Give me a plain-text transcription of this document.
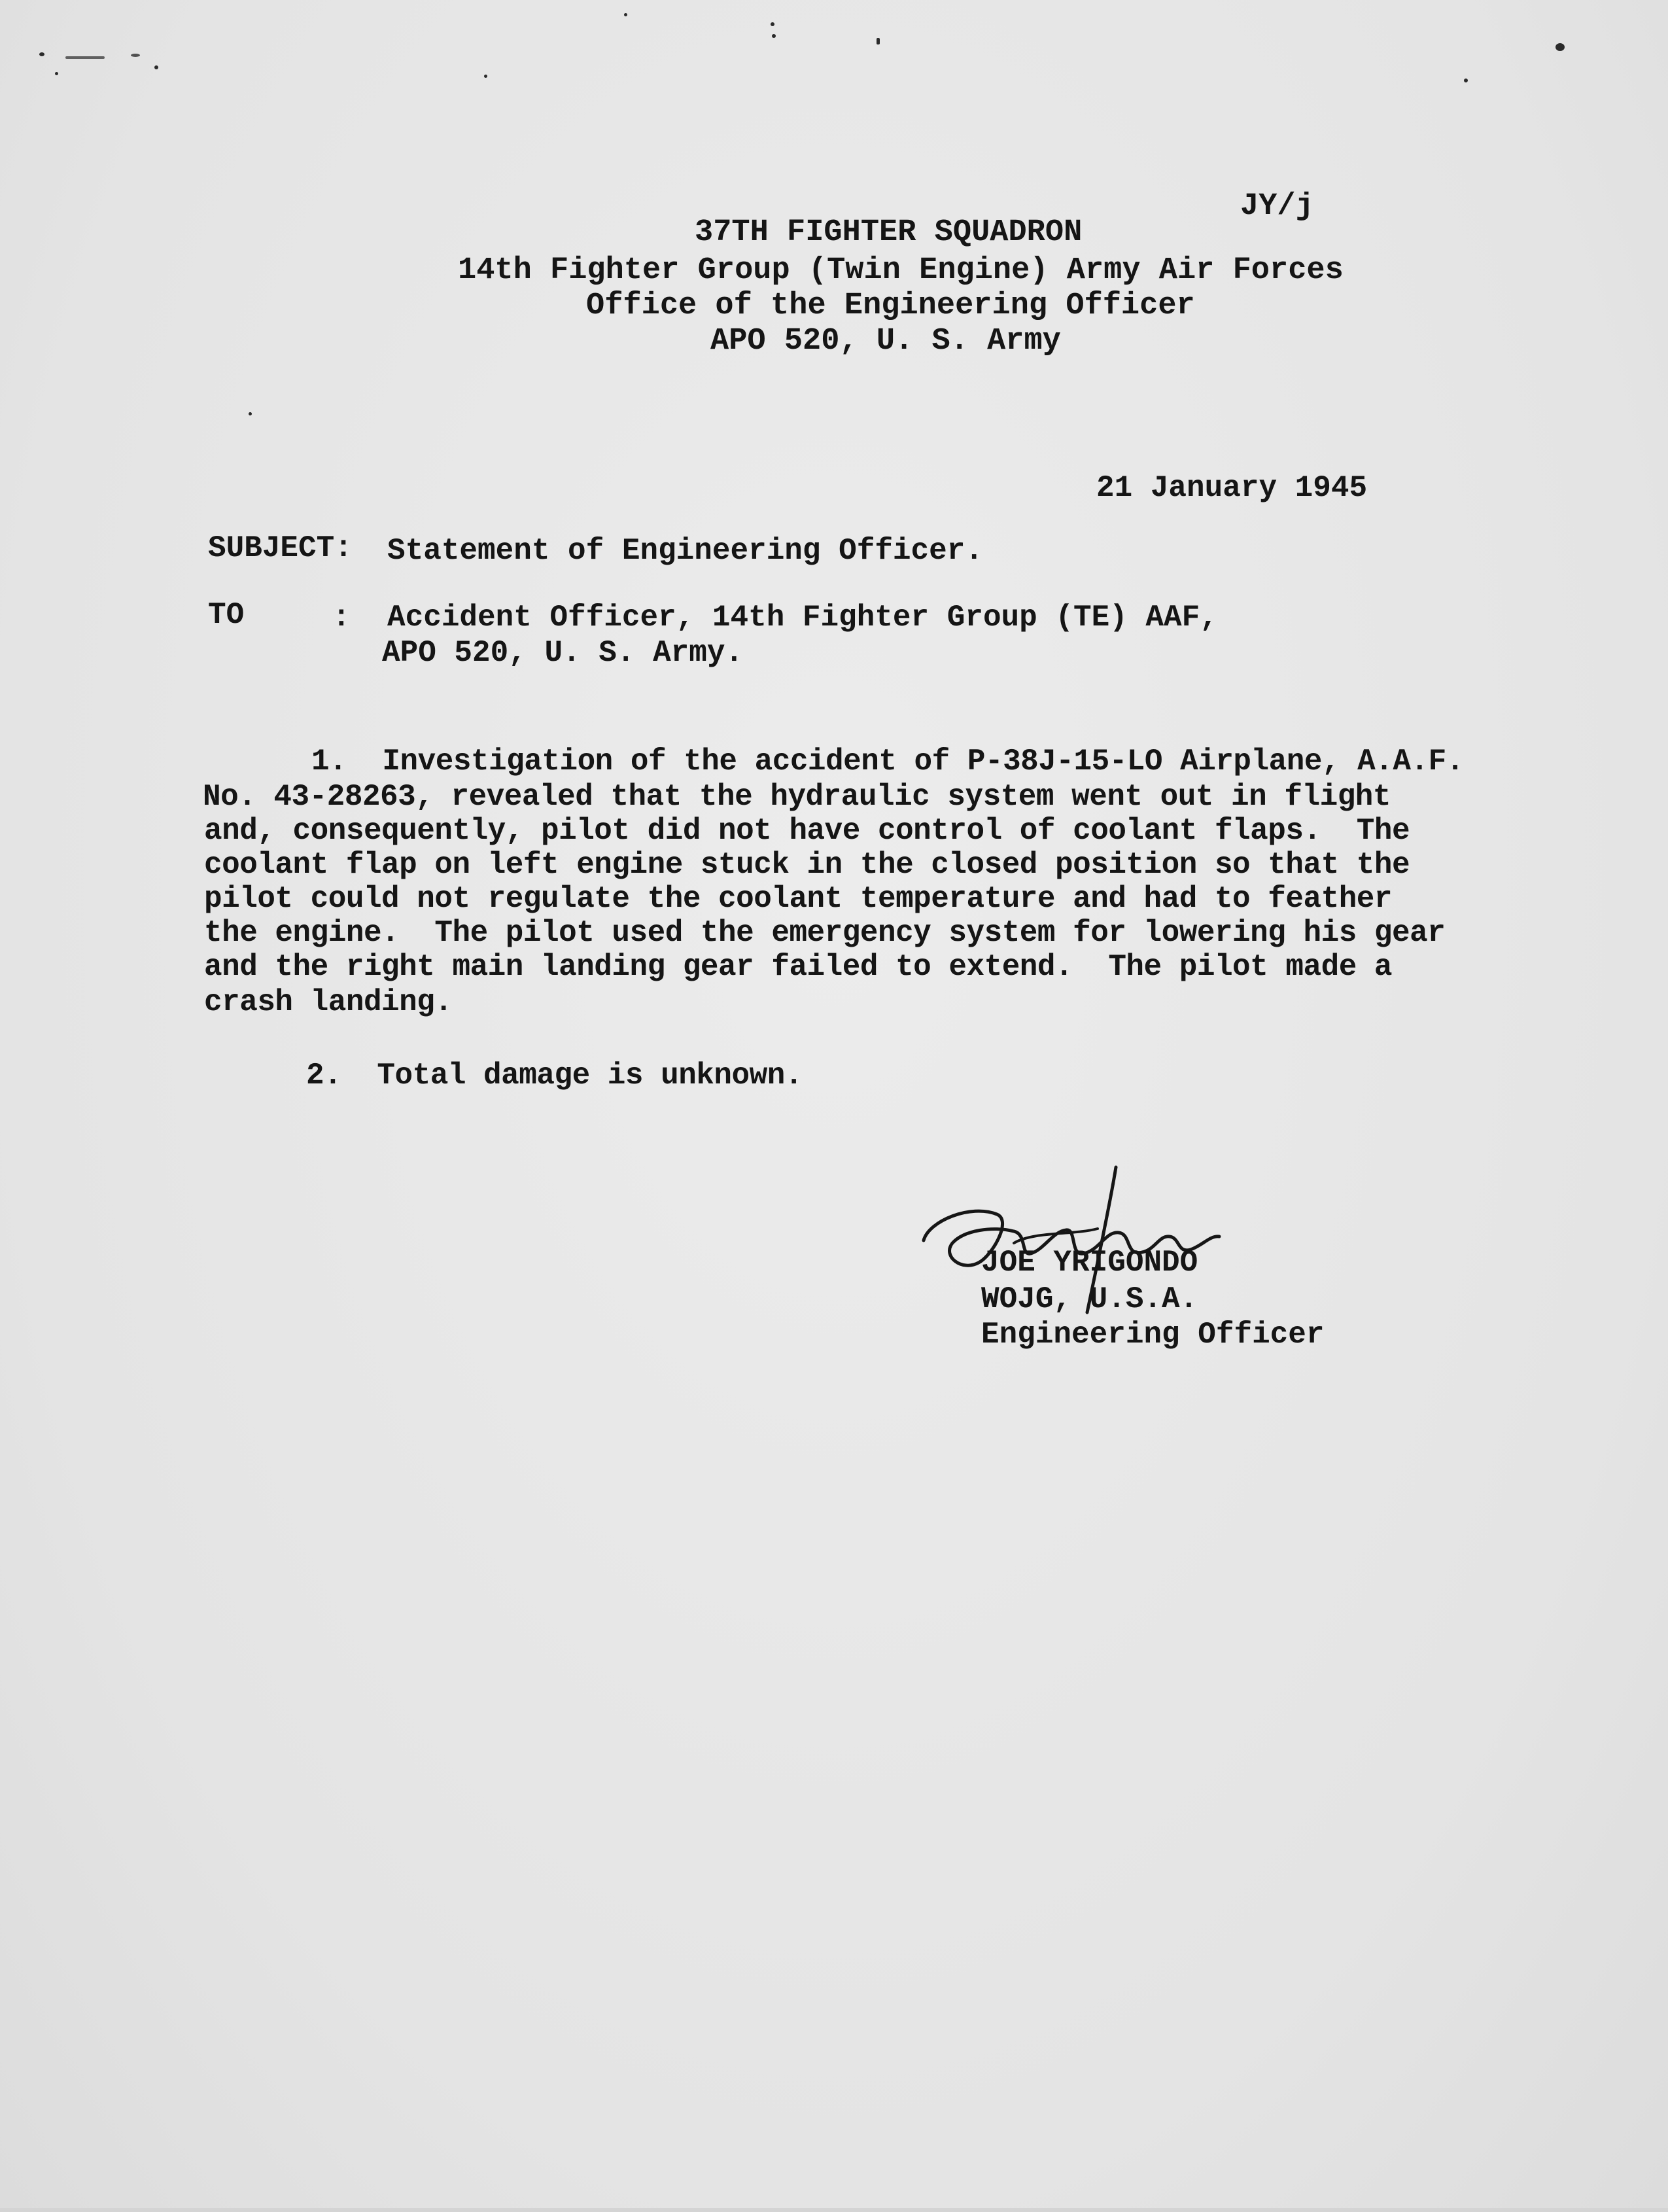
JY/j
37TH FIGHTER SQUADRON
14th Fighter Group (Twin Engine) Army Air Forces
Office of the Engineering Officer
APO 520, U. S. Army
21 January 1945
SUBJECT: Statement of Engineering Officer.
TO	: Accident Officer, 14th Fighter Group (TE) AAF,
APO 520, U. S. Army.
1.  Investigation of the accident of P-38J-15-LO Airplane, A.A.F.
No. 43-28263, revealed that the hydraulic system went out in flight
and, consequently, pilot did not have control of coolant flaps.  The
coolant flap on left engine stuck in the closed position so that the
pilot could not regulate the coolant temperature and had to feather
the engine.  The pilot used the emergency system for lowering his gear
and the right main landing gear failed to extend.  The pilot made a
crash landing.
2.  Total damage is unknown.
JOE YRIGONDO
WOJG, U.S.A.
Engineering Officer
